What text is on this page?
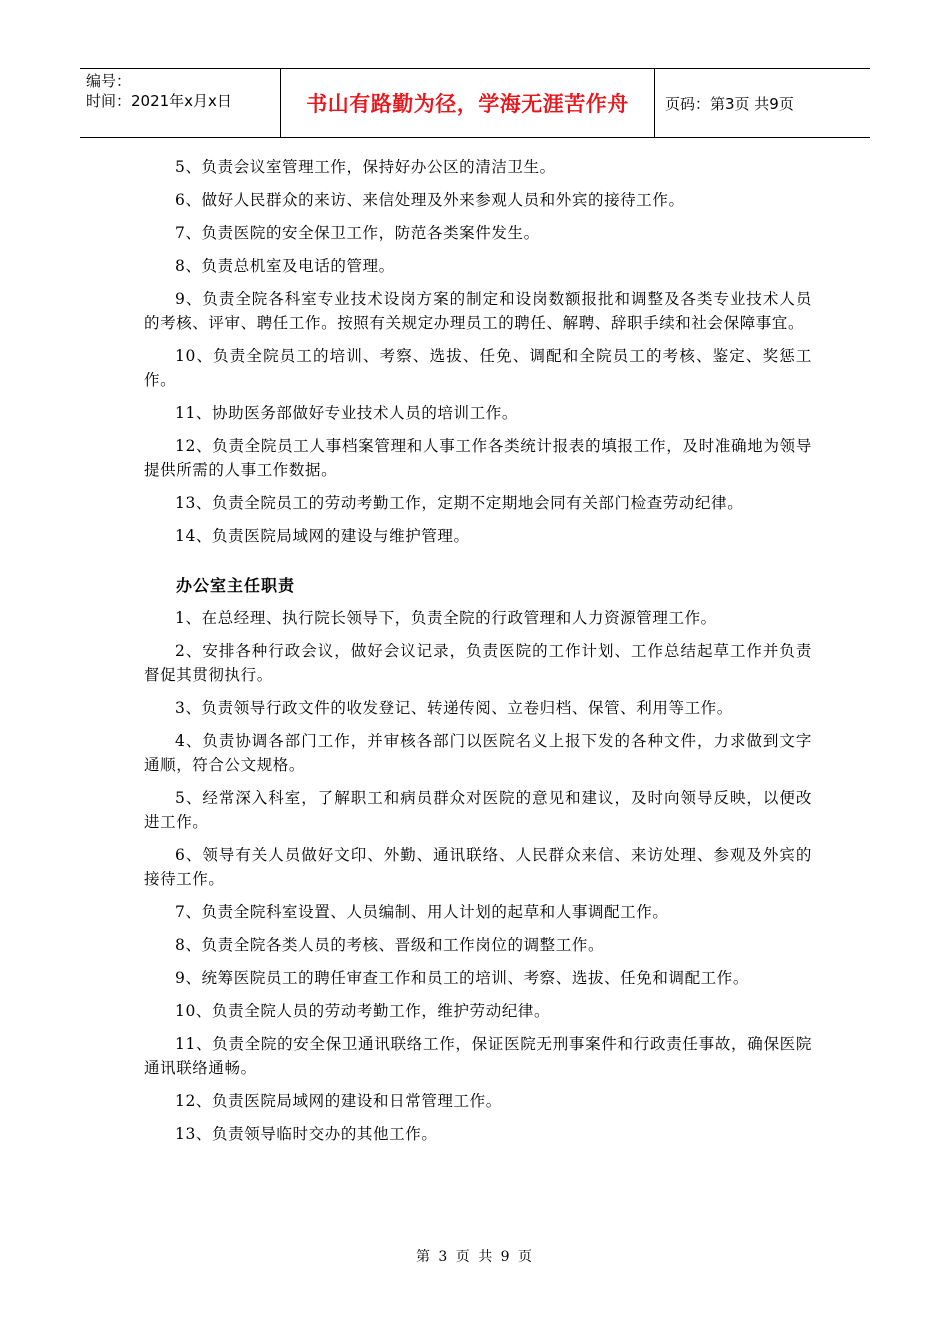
编号：
时间：2021年x月x日	书山有路勤为径，学海无涯苦作舟	页码：第3页 共9页

5、负责会议室管理工作，保持好办公区的清洁卫生。

6、做好人民群众的来访、来信处理及外来参观人员和外宾的接待工作。

7、负责医院的安全保卫工作，防范各类案件发生。

8、负责总机室及电话的管理。

9、负责全院各科室专业技术设岗方案的制定和设岗数额报批和调整及各类专业技术人员的考核、评审、聘任工作。按照有关规定办理员工的聘任、解聘、辞职手续和社会保障事宜。

10、负责全院员工的培训、考察、选拔、任免、调配和全院员工的考核、鉴定、奖惩工作。

11、协助医务部做好专业技术人员的培训工作。

12、负责全院员工人事档案管理和人事工作各类统计报表的填报工作，及时准确地为领导提供所需的人事工作数据。

13、负责全院员工的劳动考勤工作，定期不定期地会同有关部门检查劳动纪律。

14、负责医院局域网的建设与维护管理。

办公室主任职责

1、在总经理、执行院长领导下，负责全院的行政管理和人力资源管理工作。

2、安排各种行政会议，做好会议记录，负责医院的工作计划、工作总结起草工作并负责督促其贯彻执行。

3、负责领导行政文件的收发登记、转递传阅、立卷归档、保管、利用等工作。

4、负责协调各部门工作，并审核各部门以医院名义上报下发的各种文件，力求做到文字通顺，符合公文规格。

5、经常深入科室，了解职工和病员群众对医院的意见和建议，及时向领导反映，以便改进工作。

6、领导有关人员做好文印、外勤、通讯联络、人民群众来信、来访处理、参观及外宾的接待工作。

7、负责全院科室设置、人员编制、用人计划的起草和人事调配工作。

8、负责全院各类人员的考核、晋级和工作岗位的调整工作。

9、统筹医院员工的聘任审查工作和员工的培训、考察、选拔、任免和调配工作。

10、负责全院人员的劳动考勤工作，维护劳动纪律。

11、负责全院的安全保卫通讯联络工作，保证医院无刑事案件和行政责任事故，确保医院通讯联络通畅。

12、负责医院局域网的建设和日常管理工作。

13、负责领导临时交办的其他工作。

第 3 页 共 9 页
